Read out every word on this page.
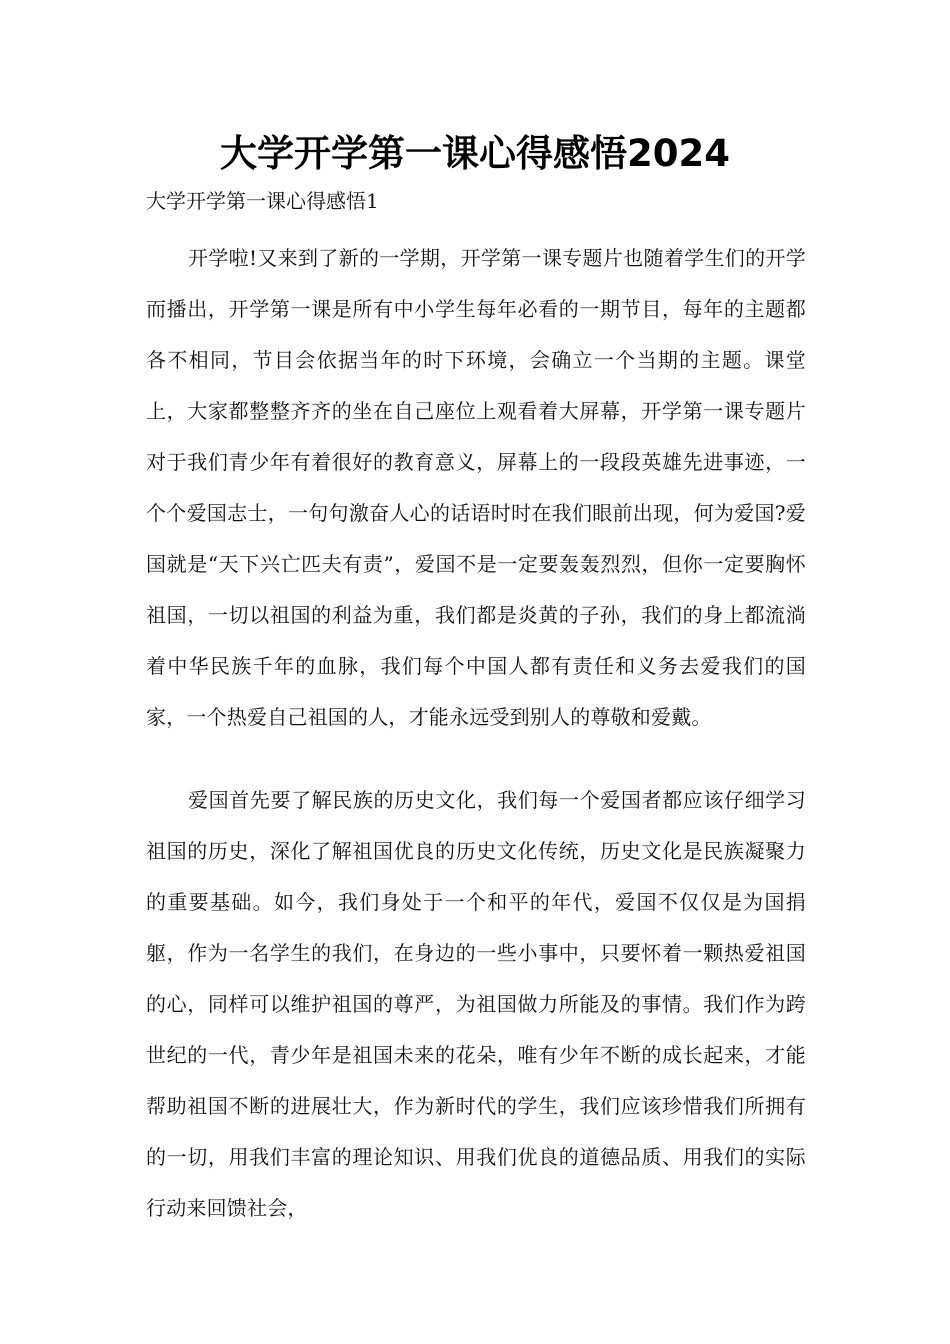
大学开学第一课心得感悟2024
大学开学第一课心得感悟1

开学啦!又来到了新的一学期，开学第一课专题片也随着学生们的开学而播出，开学第一课是所有中小学生每年必看的一期节目，每年的主题都各不相同，节目会依据当年的时下环境，会确立一个当期的主题。课堂上，大家都整整齐齐的坐在自己座位上观看着大屏幕，开学第一课专题片对于我们青少年有着很好的教育意义，屏幕上的一段段英雄先进事迹，一个个爱国志士，一句句激奋人心的话语时时在我们眼前出现，何为爱国?爱国就是“天下兴亡匹夫有责”，爱国不是一定要轰轰烈烈，但你一定要胸怀祖国，一切以祖国的利益为重，我们都是炎黄的子孙，我们的身上都流淌着中华民族千年的血脉，我们每个中国人都有责任和义务去爱我们的国家，一个热爱自己祖国的人，才能永远受到别人的尊敬和爱戴。

爱国首先要了解民族的历史文化，我们每一个爱国者都应该仔细学习祖国的历史，深化了解祖国优良的历史文化传统，历史文化是民族凝聚力的重要基础。如今，我们身处于一个和平的年代，爱国不仅仅是为国捐躯，作为一名学生的我们，在身边的一些小事中，只要怀着一颗热爱祖国的心，同样可以维护祖国的尊严，为祖国做力所能及的事情。我们作为跨世纪的一代，青少年是祖国未来的花朵，唯有少年不断的成长起来，才能帮助祖国不断的进展壮大，作为新时代的学生，我们应该珍惜我们所拥有的一切，用我们丰富的理论知识、用我们优良的道德品质、用我们的实际行动来回馈社会，
